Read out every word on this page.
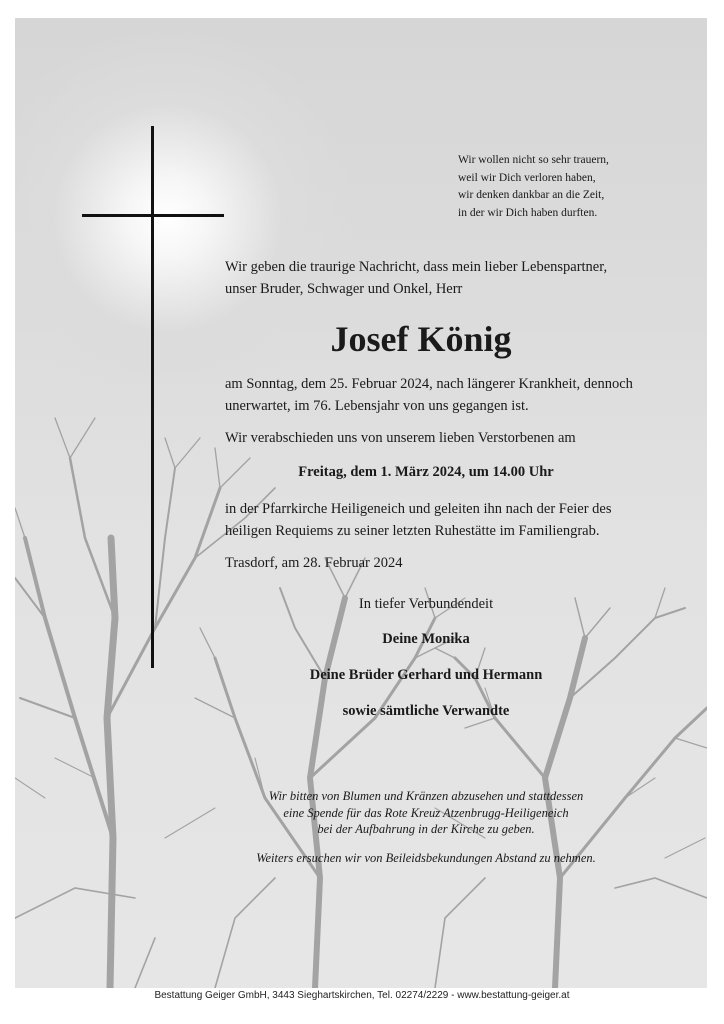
Wir wollen nicht so sehr trauern,
weil wir Dich verloren haben,
wir denken dankbar an die Zeit,
in der wir Dich haben durften.
Wir geben die traurige Nachricht, dass mein lieber Lebenspartner,
unser Bruder, Schwager und Onkel, Herr
Josef König
am Sonntag, dem 25. Februar 2024, nach längerer Krankheit, dennoch
unerwartet, im 76. Lebensjahr von uns gegangen ist.
Wir verabschieden uns von unserem lieben Verstorbenen am
Freitag, dem 1. März 2024, um 14.00 Uhr
in der Pfarrkirche Heiligeneich und geleiten ihn nach der Feier des
heiligen Requiems zu seiner letzten Ruhestätte im Familiengrab.
Trasdorf, am 28. Februar 2024
In tiefer Verbundendeit
Deine Monika
Deine Brüder Gerhard und Hermann
sowie sämtliche Verwandte
Wir bitten von Blumen und Kränzen abzusehen und stattdessen
eine Spende für das Rote Kreuz Atzenbrugg-Heiligeneich
bei der Aufbahrung in der Kirche zu geben.
Weiters ersuchen wir von Beileidsbekundungen Abstand zu nehmen.
Bestattung Geiger GmbH, 3443 Sieghartskirchen, Tel. 02274/2229 - www.bestattung-geiger.at
